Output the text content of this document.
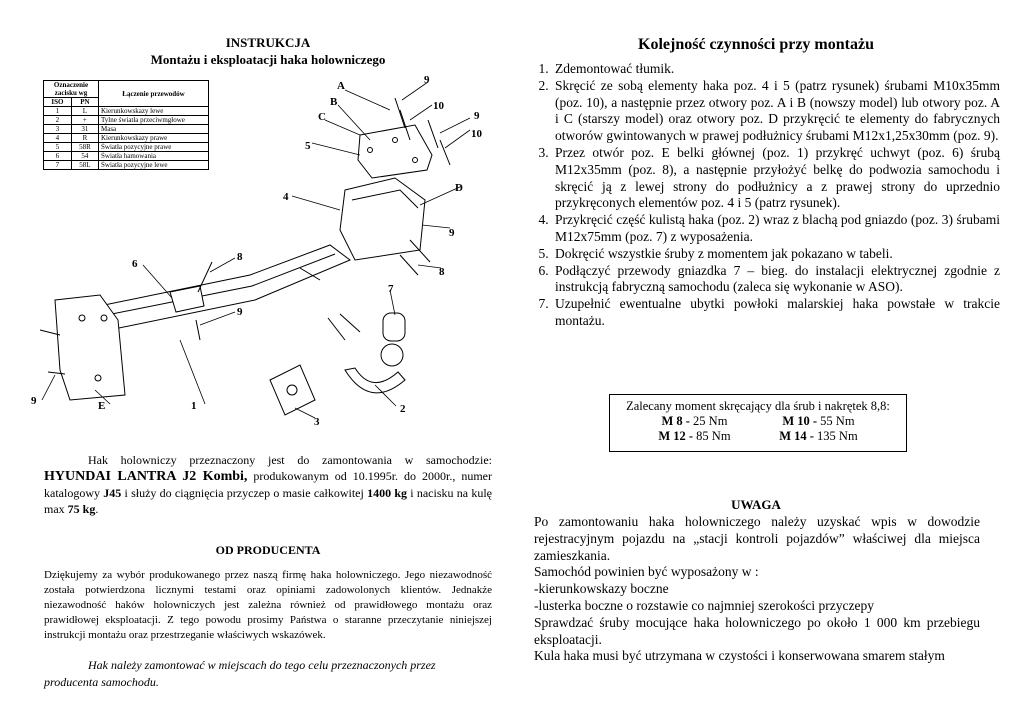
INSTRUKCJA
Montażu i eksploatacji haka holowniczego
Oznaczenie zacisku wg		Łączenie przewodów
ISO	PN	
1	L	Kierunkowskazy lewe
2	+	Tylne światła przeciwmgłowe
3	31	Masa
4	R	Kierunkowskazy prawe
5	58R	Światła pozycyjne prawe
6	54	Światła hamowania
7	58L	Światła pozycyjne lewe
A
B
C
D
E	1	2
3
4
5
6
7
8
8
9
9
9
9
9
10
10
Hak holowniczy przeznaczony jest do zamontowania w samochodzie: HYUNDAI LANTRA J2 Kombi, produkowanym od 10.1995r. do 2000r., numer katalogowy J45 i służy do ciągnięcia przyczep o masie całkowitej 1400 kg i nacisku na kulę max 75 kg.
OD PRODUCENTA
Dziękujemy za wybór produkowanego przez naszą firmę haka holowniczego. Jego niezawodność została potwierdzona licznymi testami oraz opiniami zadowolonych klientów. Jednakże niezawodność haków holowniczych jest zależna również od prawidłowego montażu oraz prawidłowej eksploatacji. Z tego powodu prosimy Państwa o staranne przeczytanie niniejszej instrukcji montażu oraz przestrzeganie właściwych wskazówek.
Hak należy zamontować w miejscach do tego celu przeznaczonych przez producenta samochodu.
Kolejność czynności przy montażu
1. Zdemontować tłumik.
2. Skręcić ze sobą elementy haka poz. 4 i 5 (patrz rysunek) śrubami M10x35mm (poz. 10), a następnie przez otwory poz. A i B (nowszy model) lub otwory poz. A i C (starszy model) oraz otwory poz. D przykręcić te elementy do fabrycznych otworów gwintowanych w prawej podłużnicy śrubami M12x1,25x30mm (poz. 9).
3. Przez otwór poz. E belki głównej (poz. 1) przykręć uchwyt (poz. 6) śrubą M12x35mm (poz. 8), a następnie przyłożyć belkę do podwozia samochodu i skręcić ją z lewej strony do podłużnicy a z prawej strony do uprzednio przykręconych elementów poz. 4 i 5 (patrz rysunek).
4. Przykręcić część kulistą haka (poz. 2) wraz z blachą pod gniazdo (poz. 3) śrubami M12x75mm (poz. 7) z wyposażenia.
5. Dokręcić wszystkie śruby z momentem jak pokazano w tabeli.
6. Podłączyć przewody gniazdka 7 – bieg. do instalacji elektrycznej zgodnie z instrukcją fabryczną samochodu (zaleca się wykonanie w ASO).
7. Uzupełnić ewentualne ubytki powłoki malarskiej haka powstałe w trakcie montażu.
Zalecany moment skręcający dla śrub i nakrętek 8,8:
M 8 - 25 Nm	M 10 - 55 Nm
M 12 - 85 Nm	M 14 - 135 Nm
UWAGA
Po zamontowaniu haka holowniczego należy uzyskać wpis w dowodzie rejestracyjnym pojazdu na „stacji kontroli pojazdów” właściwej dla miejsca zamieszkania.
Samochód powinien być wyposażony w :
-kierunkowskazy boczne
-lusterka boczne o rozstawie co najmniej szerokości przyczepy
Sprawdzać śruby mocujące haka holowniczego po około 1 000 km przebiegu eksploatacji.
Kula haka musi być utrzymana w czystości i konserwowana smarem stałym
